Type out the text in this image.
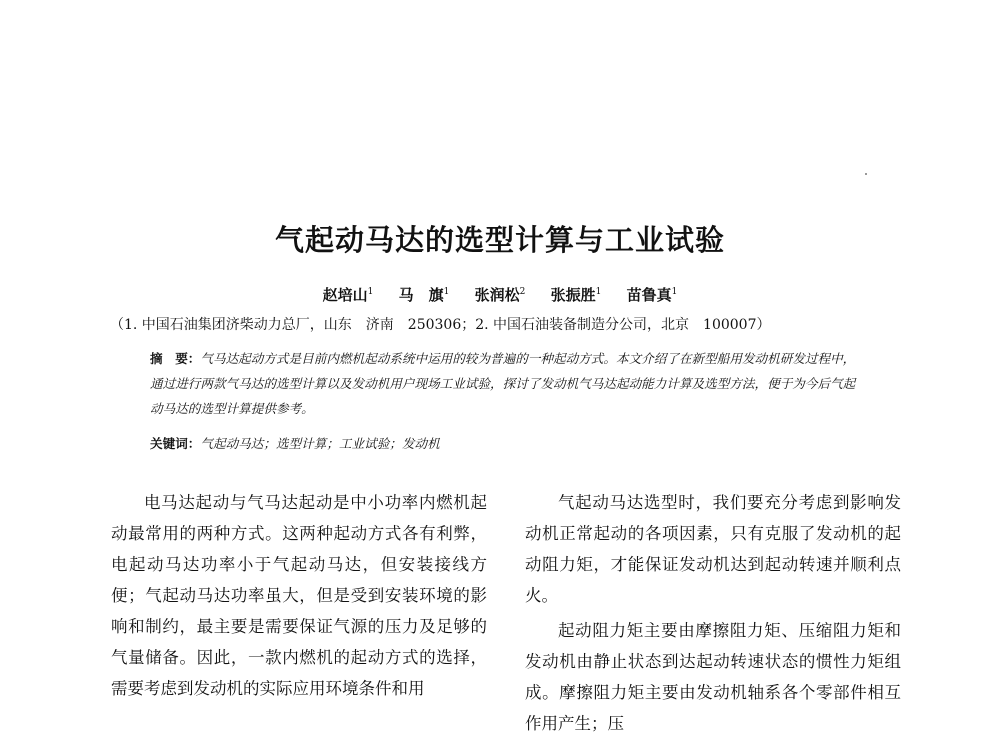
气起动马达的选型计算与工业试验
赵培山$^1$ 马　旗$^1$ 张润松$^2$ 张振胜$^1$ 苗鲁真$^1$
（1. 中国石油集团济柴动力总厂，山东　济南　250306；2. 中国石油装备制造分公司，北京　100007）
摘　要：气马达起动方式是目前内燃机起动系统中运用的较为普遍的一种起动方式。本文介绍了在新型船用发动机研发过程中，通过进行两款气马达的选型计算以及发动机用户现场工业试验，探讨了发动机气马达起动能力计算及选型方法，便于为今后气起动马达的选型计算提供参考。
关键词：气起动马达；选型计算；工业试验；发动机

电马达起动与气马达起动是中小功率内燃机起动最常用的两种方式。这两种起动方式各有利弊，电起动马达功率小于气起动马达，但安装接线方便；气起动马达功率虽大，但是受到安装环境的影响和制约，最主要是需要保证气源的压力及足够的气量储备。因此，一款内燃机的起动方式的选择，需要考虑到发动机的实际应用环境条件和用

气起动马达选型时，我们要充分考虑到影响发动机正常起动的各项因素，只有克服了发动机的起动阻力矩，才能保证发动机达到起动转速并顺利点火。

起动阻力矩主要由摩擦阻力矩、压缩阻力矩和发动机由静止状态到达起动转速状态的惯性力矩组成。摩擦阻力矩主要由发动机轴系各个零部件相互作用产生；压
